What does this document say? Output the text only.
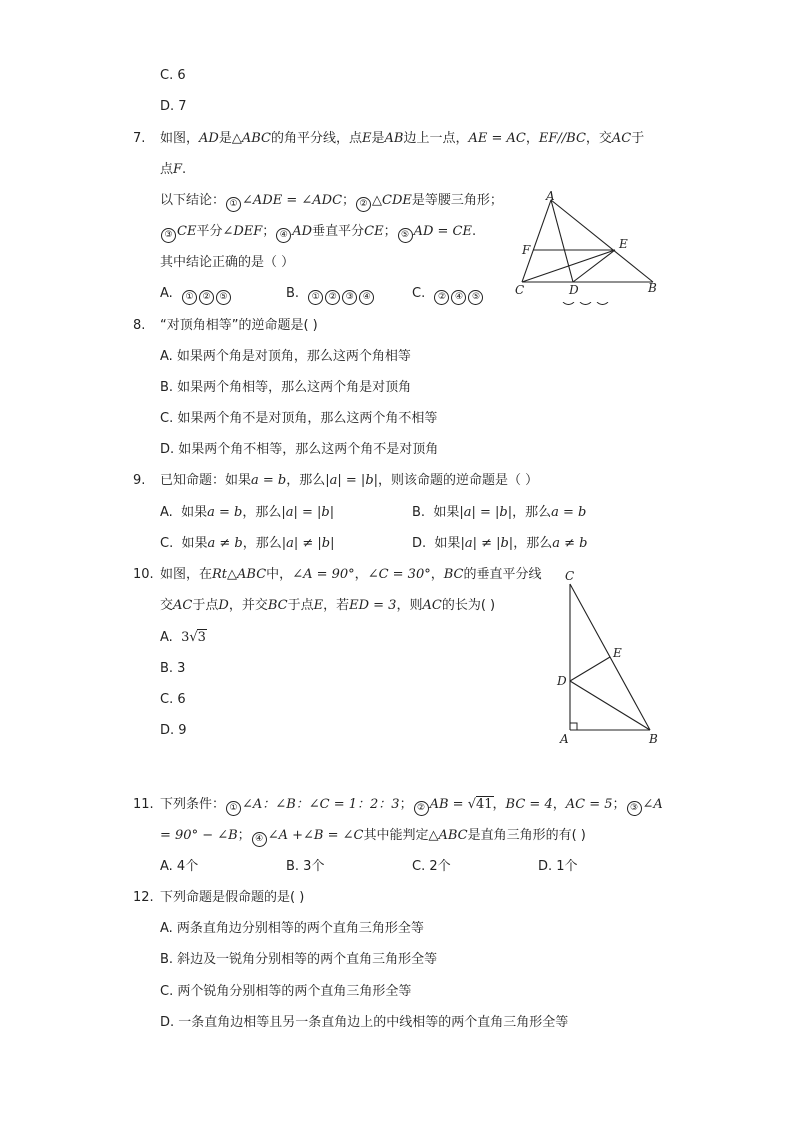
C. 6
D. 7
7. 如图，AD是△ABC的角平分线，点E是AB边上一点，AE = AC，EF//BC，交AC于
点F.
以下结论： ① ∠ADE = ∠ADC； ② △CDE是等腰三角形；
③ CE平分∠DEF； ④ AD垂直平分CE； ⑤ AD = CE.
其中结论正确的是（ ）
A. ① ② ⑤	B. ① ② ③ ④	C. ② ④ ⑤

A
F	E
C	D	B
8. “对顶角相等”的逆命题是( )
A. 如果两个角是对顶角，那么这两个角相等
B. 如果两个角相等，那么这两个角是对顶角
C. 如果两个角不是对顶角，那么这两个角不相等
D. 如果两个角不相等，那么这两个角不是对顶角
9. 已知命题：如果a = b，那么|a| = |b|，则该命题的逆命题是（ ）
A. 如果a = b，那么|a| = |b|	B. 如果|a| = |b|，那么a = b
C. 如果a ≠ b，那么|a| ≠ |b|	D. 如果|a| ≠ |b|，那么a ≠ b
10. 如图，在Rt△ABC中，∠A = 90°，∠C = 30°，BC的垂直平分线
交AC于点D，并交BC于点E，若ED = 3，则AC的长为( )
A. 3√3
B. 3
C. 6
D. 9
C
E
D
A	B
11. 下列条件： ① ∠A：∠B：∠C = 1：2：3； ② AB = √41
，BC = 4，AC = 5； ③ ∠A
= 90° − ∠B； ④ ∠A +∠B = ∠C其中能判定△ABC是直角三角形的有( )
A. 4个	B. 3个	C. 2个	D. 1个
12. 下列命题是假命题的是( )
A. 两条直角边分别相等的两个直角三角形全等
B. 斜边及一锐角分别相等的两个直角三角形全等
C. 两个锐角分别相等的两个直角三角形全等
D. 一条直角边相等且另一条直角边上的中线相等的两个直角三角形全等
